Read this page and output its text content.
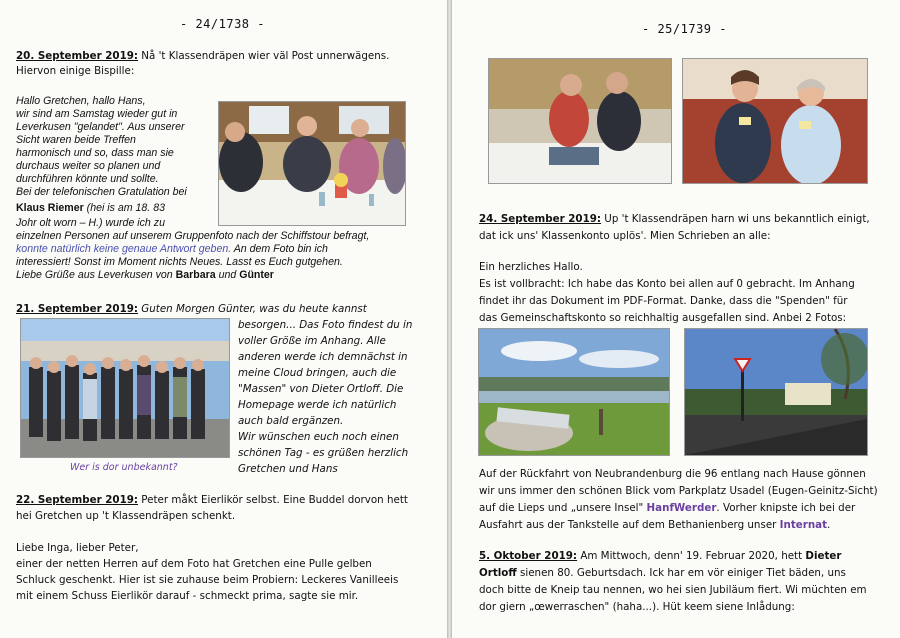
- 24/1738 -
20. September 2019: Nå 't Klassendräpen wier väl Post unnerwägens.
Hiervon einige Bispille:
Hallo Gretchen, hallo Hans,
wir sind am Samstag wieder gut in
Leverkusen "gelandet". Aus unserer
Sicht waren beide Treffen
harmonisch und so, dass man sie
durchaus weiter so planen und
durchführen könnte und sollte.
Bei der telefonischen Gratulation bei
Klaus Riemer (hei is am 18. 83
Johr olt worn – H.) wurde ich zu
einzelnen Personen auf unserem Gruppenfoto nach der Schiffstour befragt,
konnte natürlich keine genaue Antwort geben. An dem Foto bin ich
interessiert! Sonst im Moment nichts Neues. Lasst es Euch gutgehen.
Liebe Grüße aus Leverkusen von Barbara und Günter
21. September 2019: Guten Morgen Günter, was du heute kannst
besorgen... Das Foto findest du in
voller Größe im Anhang. Alle
anderen werde ich demnächst in
meine Cloud bringen, auch die
"Massen" von Dieter Ortloff. Die
Homepage werde ich natürlich
auch bald ergänzen.
Wir wünschen euch noch einen
schönen Tag - es grüßen herzlich
Gretchen und Hans
Wer is dor unbekannt?
22. September 2019: Peter måkt Eierlikör selbst. Eine Buddel dorvon hett
hei Gretchen up 't Klassendräpen schenkt.
Liebe Inga, lieber Peter,
einer der netten Herren auf dem Foto hat Gretchen eine Pulle gelben
Schluck geschenkt. Hier ist sie zuhause beim Probiern: Leckeres Vanilleeis
mit einem Schuss Eierlikör darauf - schmeckt prima, sagte sie mir.
- 25/1739 -
24. September 2019: Up 't Klassendräpen harn wi uns bekanntlich einigt,
dat ick uns' Klassenkonto uplös'. Mien Schrieben an alle:
Ein herzliches Hallo.
Es ist vollbracht: Ich habe das Konto bei allen auf 0 gebracht. Im Anhang
findet ihr das Dokument im PDF-Format. Danke, dass die "Spenden" für
das Gemeinschaftskonto so reichhaltig ausgefallen sind. Anbei 2 Fotos:
Auf der Rückfahrt von Neubrandenburg die 96 entlang nach Hause gönnen
wir uns immer den schönen Blick vom Parkplatz Usadel (Eugen-Geinitz-Sicht)
auf die Lieps und „unsere Insel" HanfWerder. Vorher knipste ich bei der
Ausfahrt aus der Tankstelle auf dem Bethanienberg unser Internat.
5. Oktober 2019: Am Mittwoch, denn' 19. Februar 2020, hett Dieter
Ortloff sienen 80. Geburtsdach. Ick har em vör einiger Tiet bäden, uns
doch bitte de Kneip tau nennen, wo hei sien Jubiläum fiert. Wi müchten em
dor giern „œwerraschen" (haha...). Hüt keem siene Inlådung:
